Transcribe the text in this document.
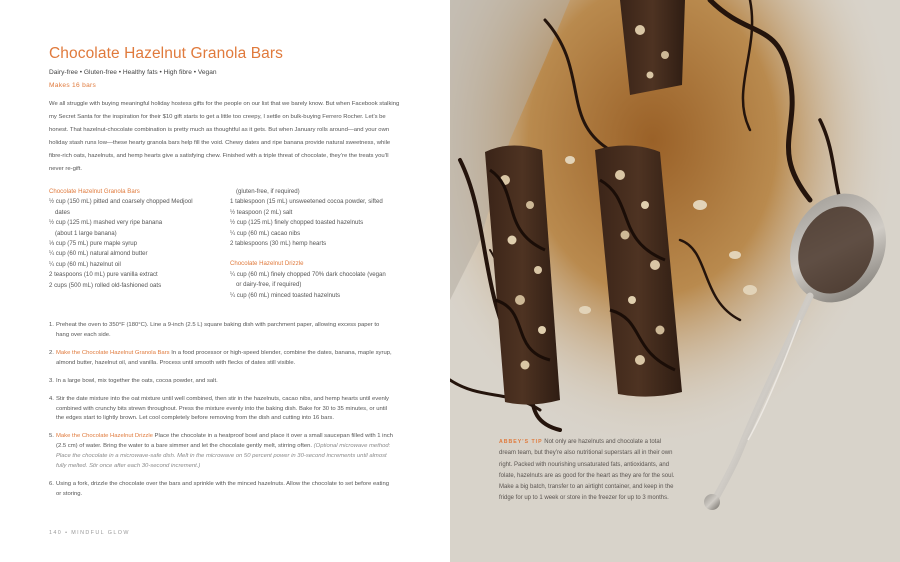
Chocolate Hazelnut Granola Bars
Dairy-free • Gluten-free • Healthy fats • High fibre • Vegan
Makes 16 bars

We all struggle with buying meaningful holiday hostess gifts for the people on our list that we barely know. But when Facebook stalking my Secret Santa for the inspiration for their $10 gift starts to get a little too creepy, I settle on bulk-buying Ferrero Rocher. Let’s be honest. That hazelnut-chocolate combination is pretty much as thoughtful as it gets. But when January rolls around—and your own holiday stash runs low—these hearty granola bars help fill the void. Chewy dates and ripe banana provide natural sweetness, while fibre-rich oats, hazelnuts, and hemp hearts give a satisfying chew. Finished with a triple threat of chocolate, they’re the treats you’ll never re-gift.

Chocolate Hazelnut Granola Bars
½ cup (150 mL) pitted and coarsely chopped Medjool
dates
½ cup (125 mL) mashed very ripe banana
(about 1 large banana)
⅓ cup (75 mL) pure maple syrup
¼ cup (60 mL) natural almond butter
¼ cup (60 mL) hazelnut oil
2 teaspoons (10 mL) pure vanilla extract
2 cups (500 mL) rolled old-fashioned oats
(gluten-free, if required)
1 tablespoon (15 mL) unsweetened cocoa powder, sifted
½ teaspoon (2 mL) salt
½ cup (125 mL) finely chopped toasted hazelnuts
¼ cup (60 mL) cacao nibs
2 tablespoons (30 mL) hemp hearts
Chocolate Hazelnut Drizzle
¼ cup (60 mL) finely chopped 70% dark chocolate (vegan
or dairy-free, if required)
¼ cup (60 mL) minced toasted hazelnuts
1. Preheat the oven to 350°F (180°C). Line a 9-inch (2.5 L) square baking dish with parchment paper, allowing excess paper to hang over each side.
2. Make the Chocolate Hazelnut Granola Bars In a food processor or high-speed blender, combine the dates, banana, maple syrup, almond butter, hazelnut oil, and vanilla. Process until smooth with flecks of dates still visible.
3. In a large bowl, mix together the oats, cocoa powder, and salt.
4. Stir the date mixture into the oat mixture until well combined, then stir in the hazelnuts, cacao nibs, and hemp hearts until evenly combined with crunchy bits strewn throughout. Press the mixture evenly into the baking dish. Bake for 30 to 35 minutes, or until the edges start to lightly brown. Let cool completely before removing from the dish and cutting into 16 bars.
5. Make the Chocolate Hazelnut Drizzle Place the chocolate in a heatproof bowl and place it over a small saucepan filled with 1 inch (2.5 cm) of water. Bring the water to a bare simmer and let the chocolate gently melt, stirring often. (Optional microwave method: Place the chocolate in a microwave-safe dish. Melt in the microwave on 50 percent power in 30-second increments until almost fully melted. Stir once after each 30-second increment.)
6. Using a fork, drizzle the chocolate over the bars and sprinkle with the minced hazelnuts. Allow the chocolate to set before eating or storing.
140 • MINDFUL GLOW
ABBEY’S TIP Not only are hazelnuts and chocolate a total dream team, but they’re also nutritional superstars all in their own right. Packed with nourishing unsaturated fats, antioxidants, and folate, hazelnuts are as good for the heart as they are for the soul. Make a big batch, transfer to an airtight container, and keep in the fridge for up to 1 week or store in the freezer for up to 3 months.
